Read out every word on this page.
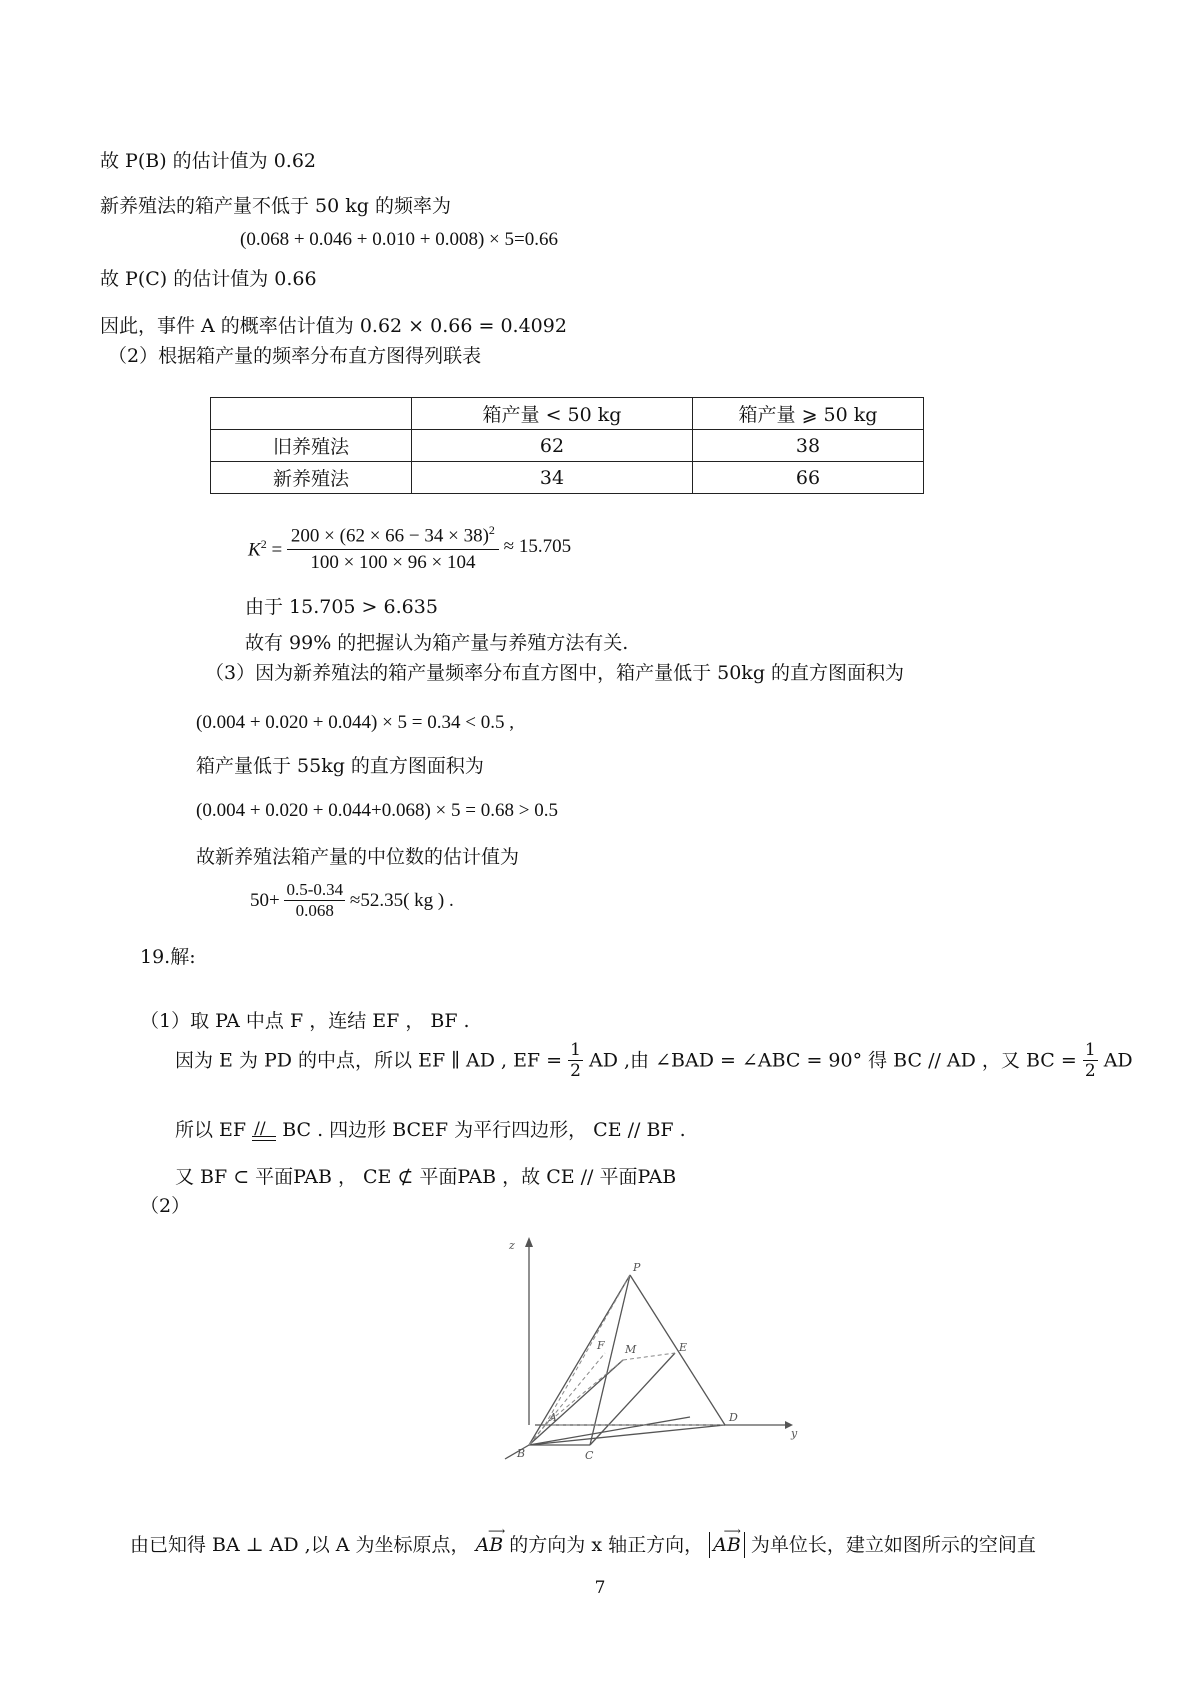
故 P(B) 的估计值为 0.62
新养殖法的箱产量不低于 50 kg 的频率为
(0.068 + 0.046 + 0.010 + 0.008) × 5=0.66
故 P(C) 的估计值为 0.66
因此，事件 A 的概率估计值为 0.62 × 0.66 = 0.4092
（2）根据箱产量的频率分布直方图得列联表
	箱产量 < 50 kg	箱产量 ⩾ 50 kg
旧养殖法	62	38
新养殖法	34	66
$K^2 = \frac{200 \times (62 \times 66 - 34 \times 38)^2}{100 \times 100 \times 96 \times 104} \approx 15.705$
由于 15.705 > 6.635
故有 99% 的把握认为箱产量与养殖方法有关.
（3）因为新养殖法的箱产量频率分布直方图中，箱产量低于 50kg 的直方图面积为
(0.004 + 0.020 + 0.044) × 5 = 0.34 < 0.5 ,
箱产量低于 55kg 的直方图面积为
(0.004 + 0.020 + 0.044+0.068) × 5 = 0.68 > 0.5
故新养殖法箱产量的中位数的估计值为
$50+ \frac{0.5-0.34}{0.068} \approx 52.35$( kg ) .
19.解:
（1）取 PA 中点 F ，连结 EF ， BF .
因为 E 为 PD 的中点，所以 EF ∥ AD , EF = $\frac{1}{2}$ AD ,由 ∠BAD = ∠ABC = 90° 得 BC // AD ，又 BC = $\frac{1}{2}$ AD
所以 EF // BC . 四边形 BCEF 为平行四边形， CE // BF .
又 BF ⊂ 平面PAB ， CE ⊄ 平面PAB ，故 CE // 平面PAB
（2）
z
P
F M	E
A	D
B	C
y
由已知得 BA ⊥ AD ,以 A 为坐标原点，
⟶
AB 的方向为 x 轴正方向，
⟶
AB 为单位长，建立如图所示的空间直
7
